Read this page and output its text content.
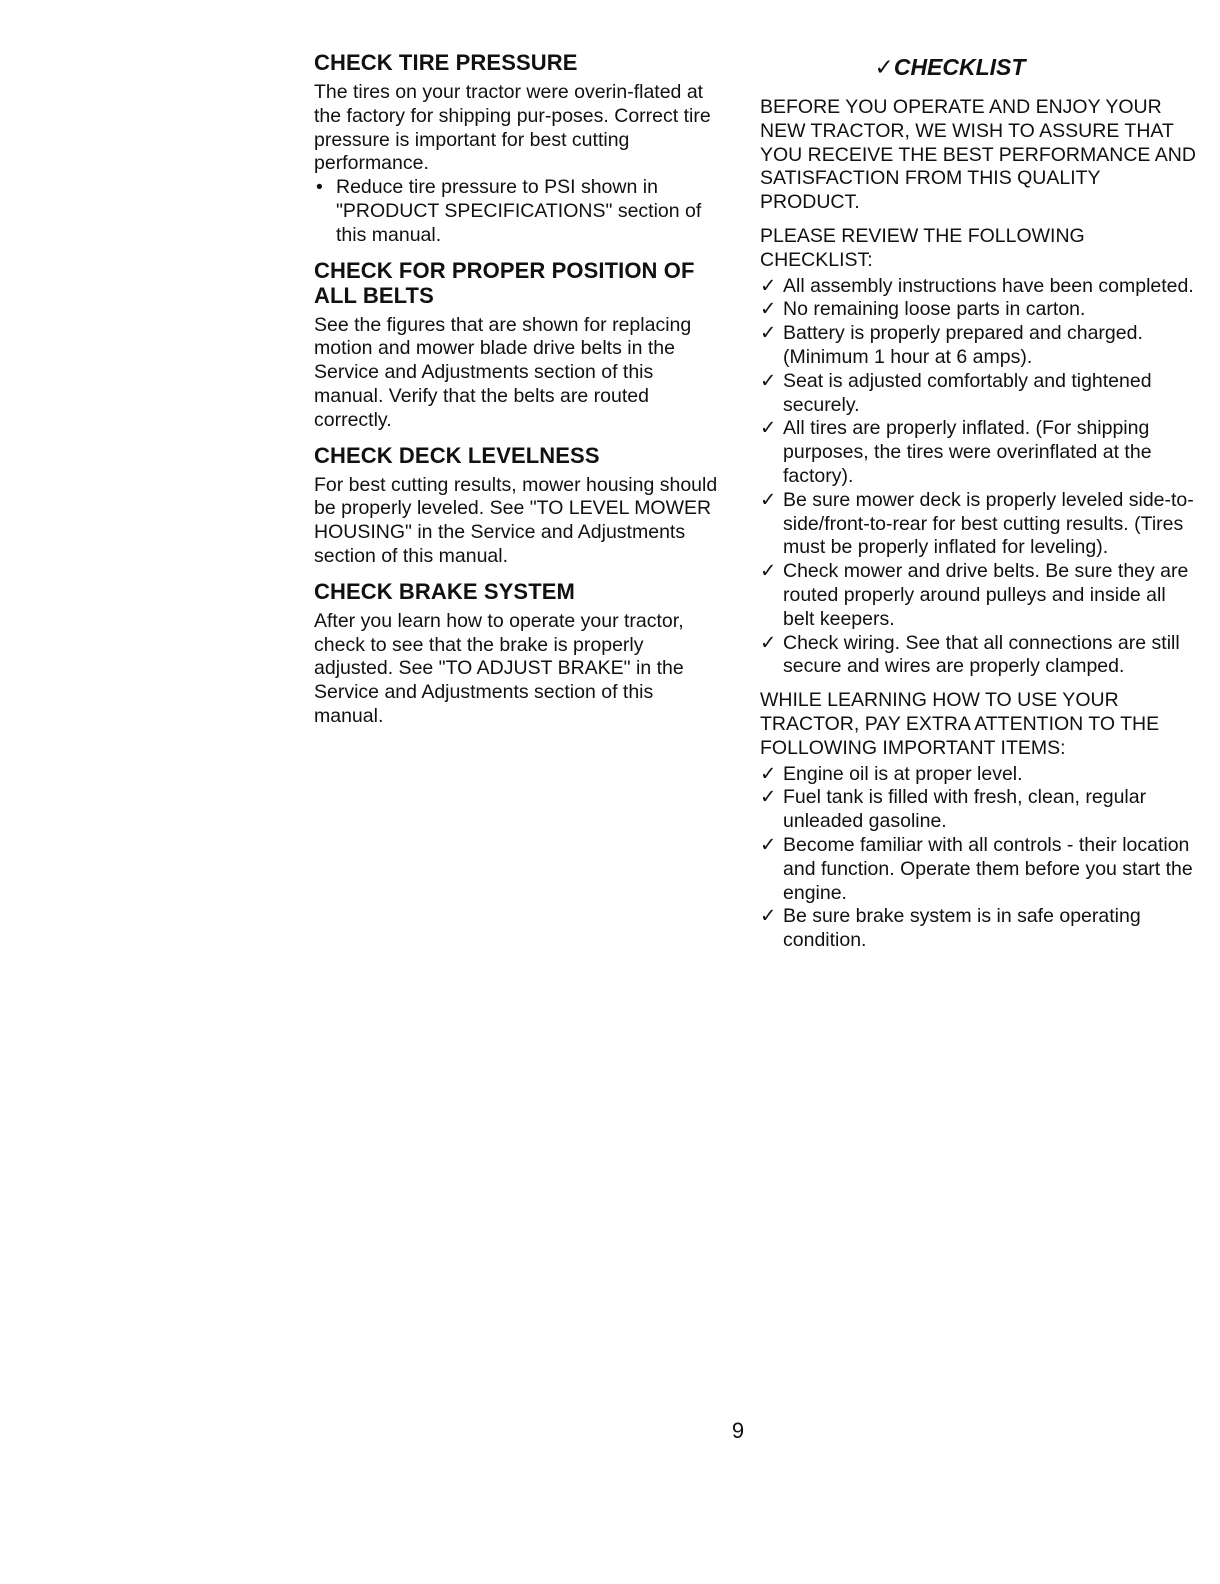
CHECK TIRE PRESSURE

The tires on your tractor were overin-flated at the factory for shipping pur-poses. Correct tire pressure is important for best cutting performance.

• Reduce tire pressure to PSI shown in "PRODUCT SPECIFICATIONS" section of this manual.
CHECK FOR PROPER POSITION OF ALL BELTS

See the figures that are shown for replacing motion and mower blade drive belts in the Service and Adjustments section of this manual. Verify that the belts are routed correctly.

CHECK DECK LEVELNESS

For best cutting results, mower housing should be properly leveled. See "TO LEVEL MOWER HOUSING" in the Service and Adjustments section of this manual.

CHECK BRAKE SYSTEM

After you learn how to operate your tractor, check to see that the brake is properly adjusted. See "TO ADJUST BRAKE" in the Service and Adjustments section of this manual.

✓CHECKLIST

BEFORE YOU OPERATE AND ENJOY YOUR NEW TRACTOR, WE WISH TO ASSURE THAT YOU RECEIVE THE BEST PERFORMANCE AND SATISFACTION FROM THIS QUALITY PRODUCT.

PLEASE REVIEW THE FOLLOWING CHECKLIST:

✓ All assembly instructions have been completed.
✓ No remaining loose parts in carton.
✓ Battery is properly prepared and charged. (Minimum 1 hour at 6 amps).
✓ Seat is adjusted comfortably and tightened securely.
✓ All tires are properly inflated. (For shipping purposes, the tires were overinflated at the factory).
✓ Be sure mower deck is properly leveled side-to-side/front-to-rear for best cutting results. (Tires must be properly inflated for leveling).
✓ Check mower and drive belts. Be sure they are routed properly around pulleys and inside all belt keepers.
✓ Check wiring. See that all connections are still secure and wires are properly clamped.

WHILE LEARNING HOW TO USE YOUR TRACTOR, PAY EXTRA ATTENTION TO THE FOLLOWING IMPORTANT ITEMS:

✓ Engine oil is at proper level.
✓ Fuel tank is filled with fresh, clean, regular unleaded gasoline.
✓ Become familiar with all controls - their location and function. Operate them before you start the engine.
✓ Be sure brake system is in safe operating condition.
9
